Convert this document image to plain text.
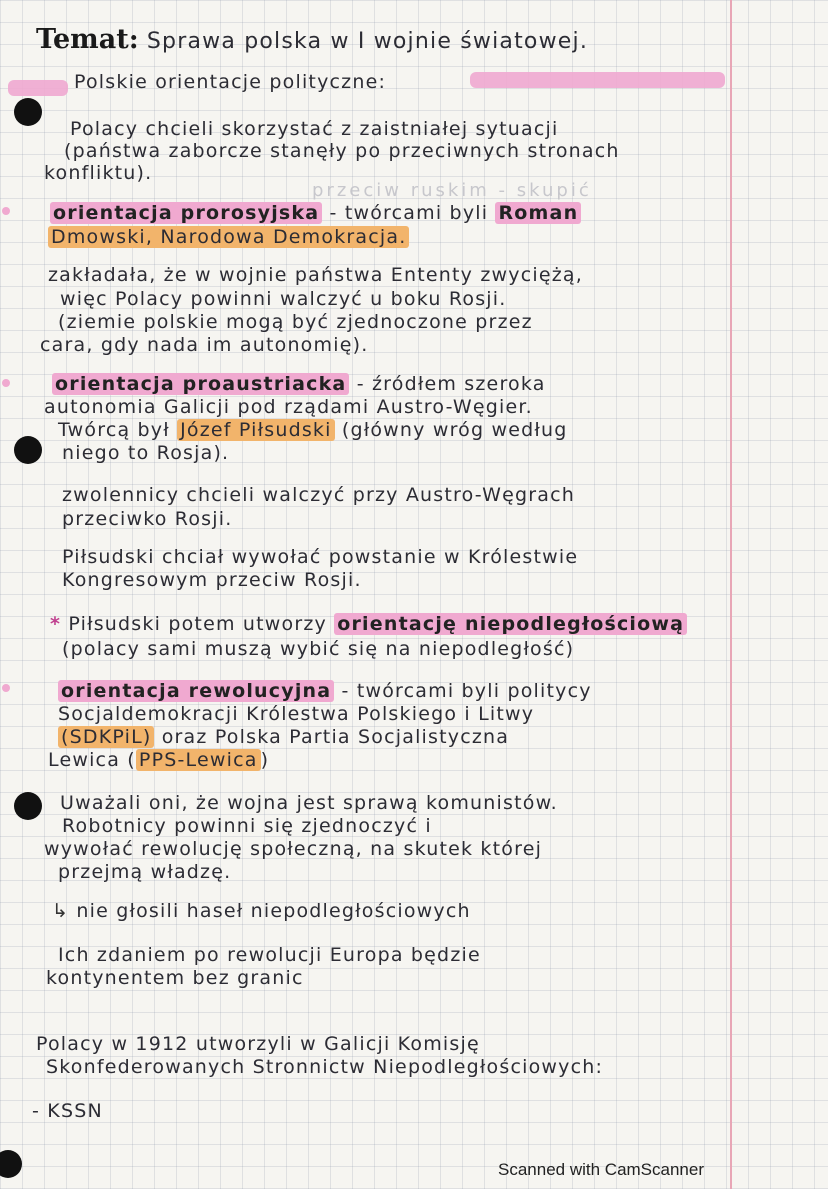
Temat: Sprawa polska w I wojnie światowej.
Polskie orientacje polityczne:
Polacy chcieli skorzystać z zaistniałej sytuacji
(państwa zaborcze stanęły po przeciwnych stronach
konfliktu).
przeciw ruskim - skupić
orientacja prorosyjska - twórcami byli Roman
Dmowski, Narodowa Demokracja.
zakładała, że w wojnie państwa Ententy zwyciężą,
więc Polacy powinni walczyć u boku Rosji.
(ziemie polskie mogą być zjednoczone przez
cara, gdy nada im autonomię).
orientacja proaustriacka - źródłem szeroka
autonomia Galicji pod rządami Austro-Węgier.
Twórcą był Józef Piłsudski (główny wróg według
niego to Rosja).
zwolennicy chcieli walczyć przy Austro-Węgrach
przeciwko Rosji.
Piłsudski chciał wywołać powstanie w Królestwie
Kongresowym przeciw Rosji.
* Piłsudski potem utworzy orientację niepodległościową
(polacy sami muszą wybić się na niepodległość)
orientacja rewolucyjna - twórcami byli politycy
Socjaldemokracji Królestwa Polskiego i Litwy
(SDKPiL) oraz Polska Partia Socjalistyczna
Lewica ( PPS-Lewica )
Uważali oni, że wojna jest sprawą komunistów.
Robotnicy powinni się zjednoczyć i
wywołać rewolucję społeczną, na skutek której
przejmą władzę.
↳ nie głosili haseł niepodległościowych
Ich zdaniem po rewolucji Europa będzie
kontynentem bez granic
Polacy w 1912 utworzyli w Galicji Komisję
Skonfederowanych Stronnictw Niepodległościowych:
- KSSN
Scanned with CamScanner
